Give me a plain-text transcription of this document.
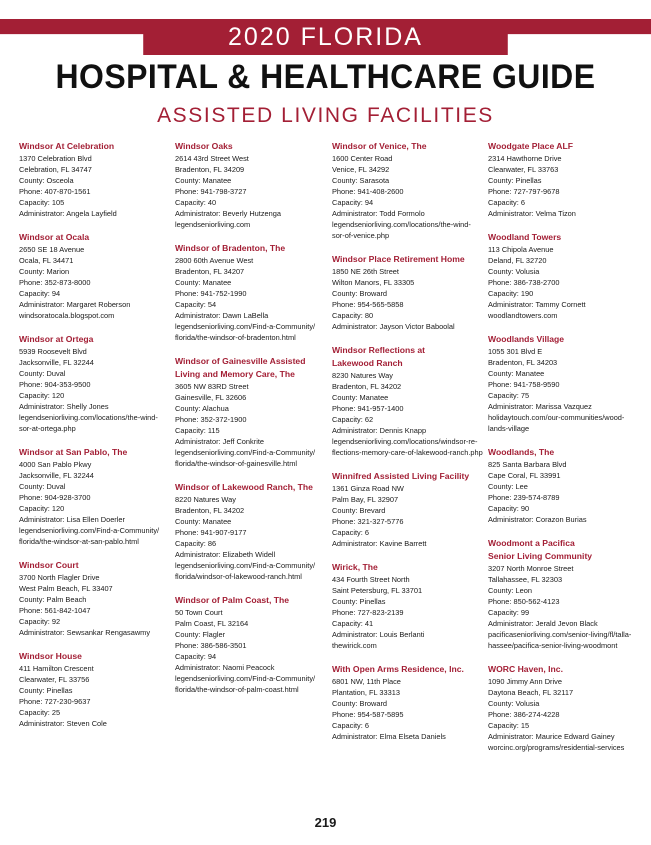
2020 FLORIDA
HOSPITAL & HEALTHCARE GUIDE
ASSISTED LIVING FACILITIES
Windsor At Celebration
1370 Celebration Blvd
Celebration, FL 34747
County: Osceola
Phone: 407-870-1561
Capacity: 105
Administrator: Angela Layfield
Windsor at Ocala
2650 SE 18 Avenue
Ocala, FL 34471
County: Marion
Phone: 352-873-8000
Capacity: 94
Administrator: Margaret Roberson
windsoratocala.blogspot.com
Windsor at Ortega
5939 Roosevelt Blvd
Jacksonville, FL 32244
County: Duval
Phone: 904-353-9500
Capacity: 120
Administrator: Shelly Jones
legendseniorliving.com/locations/the-wind-
sor-at-ortega.php
Windsor at San Pablo, The
4000 San Pablo Pkwy
Jacksonville, FL 32244
County: Duval
Phone: 904-928-3700
Capacity: 120
Administrator: Lisa Ellen Doerler
legendseniorliving.com/Find-a-Community/
florida/the-windsor-at-san-pablo.html
Windsor Court
3700 North Flagler Drive
West Palm Beach, FL 33407
County: Palm Beach
Phone: 561-842-1047
Capacity: 92
Administrator: Sewsankar Rengasawmy
Windsor House
411 Hamilton Crescent
Clearwater, FL 33756
County: Pinellas
Phone: 727-230-9637
Capacity: 25
Administrator: Steven Cole
Windsor Oaks
2614 43rd Street West
Bradenton, FL 34209
County: Manatee
Phone: 941-798-3727
Capacity: 40
Administrator: Beverly Hutzenga
legendseniorliving.com
Windsor of Bradenton, The
2800 60th Avenue West
Bradenton, FL 34207
County: Manatee
Phone: 941-752-1990
Capacity: 54
Administrator: Dawn LaBella
legendseniorliving.com/Find-a-Community/
florida/the-windsor-of-bradenton.html
Windsor of Gainesville Assisted
Living and Memory Care, The
3605 NW 83RD Street
Gainesville, FL 32606
County: Alachua
Phone: 352-372-1900
Capacity: 115
Administrator: Jeff Conkrite
legendseniorliving.com/Find-a-Community/
florida/the-windsor-of-gainesville.html
Windsor of Lakewood Ranch, The
8220 Natures Way
Bradenton, FL 34202
County: Manatee
Phone: 941-907-9177
Capacity: 86
Administrator: Elizabeth Widell
legendseniorliving.com/Find-a-Community/
florida/windsor-of-lakewood-ranch.html
Windsor of Palm Coast, The
50 Town Court
Palm Coast, FL 32164
County: Flagler
Phone: 386-586-3501
Capacity: 94
Administrator: Naomi Peacock
legendseniorliving.com/Find-a-Community/
florida/the-windsor-of-palm-coast.html
Windsor of Venice, The
1600 Center Road
Venice, FL 34292
County: Sarasota
Phone: 941-408-2600
Capacity: 94
Administrator: Todd Formolo
legendseniorliving.com/locations/the-wind-
sor-of-venice.php
Windsor Place Retirement Home
1850 NE 26th Street
Wilton Manors, FL 33305
County: Broward
Phone: 954-565-5858
Capacity: 80
Administrator: Jayson Victor Baboolal
Windsor Reflections at
Lakewood Ranch
8230 Natures Way
Bradenton, FL 34202
County: Manatee
Phone: 941-957-1400
Capacity: 62
Administrator: Dennis Knapp
legendseniorliving.com/locations/windsor-re-
flections-memory-care-of-lakewood-ranch.php
Winnifred Assisted Living Facility
1361 Ginza Road NW
Palm Bay, FL 32907
County: Brevard
Phone: 321-327-5776
Capacity: 6
Administrator: Kavine Barrett
Wirick, The
434 Fourth Street North
Saint Petersburg, FL 33701
County: Pinellas
Phone: 727-823-2139
Capacity: 41
Administrator: Louis Berlanti
thewirick.com
With Open Arms Residence, Inc.
6801 NW, 11th Place
Plantation, FL 33313
County: Broward
Phone: 954-587-5895
Capacity: 6
Administrator: Elma Elseta Daniels
Woodgate Place ALF
2314 Hawthorne Drive
Clearwater, FL 33763
County: Pinellas
Phone: 727-797-9678
Capacity: 6
Administrator: Velma Tizon
Woodland Towers
113 Chipola Avenue
Deland, FL 32720
County: Volusia
Phone: 386-738-2700
Capacity: 190
Administrator: Tammy Cornett
woodlandtowers.com
Woodlands Village
1055 301 Blvd E
Bradenton, FL 34203
County: Manatee
Phone: 941-758-9590
Capacity: 75
Administrator: Marissa Vazquez
holidaytouch.com/our-communities/wood-
lands-village
Woodlands, The
825 Santa Barbara Blvd
Cape Coral, FL 33991
County: Lee
Phone: 239-574-8789
Capacity: 90
Administrator: Corazon Burias
Woodmont a Pacifica
Senior Living Community
3207 North Monroe Street
Tallahassee, FL 32303
County: Leon
Phone: 850-562-4123
Capacity: 99
Administrator: Jerald Jevon Black
pacificaseniorliving.com/senior-living/fl/talla-
hassee/pacifica-senior-living-woodmont
WORC Haven, Inc.
1090 Jimmy Ann Drive
Daytona Beach, FL 32117
County: Volusia
Phone: 386-274-4228
Capacity: 15
Administrator: Maurice Edward Gainey
worcinc.org/programs/residential-services
219
